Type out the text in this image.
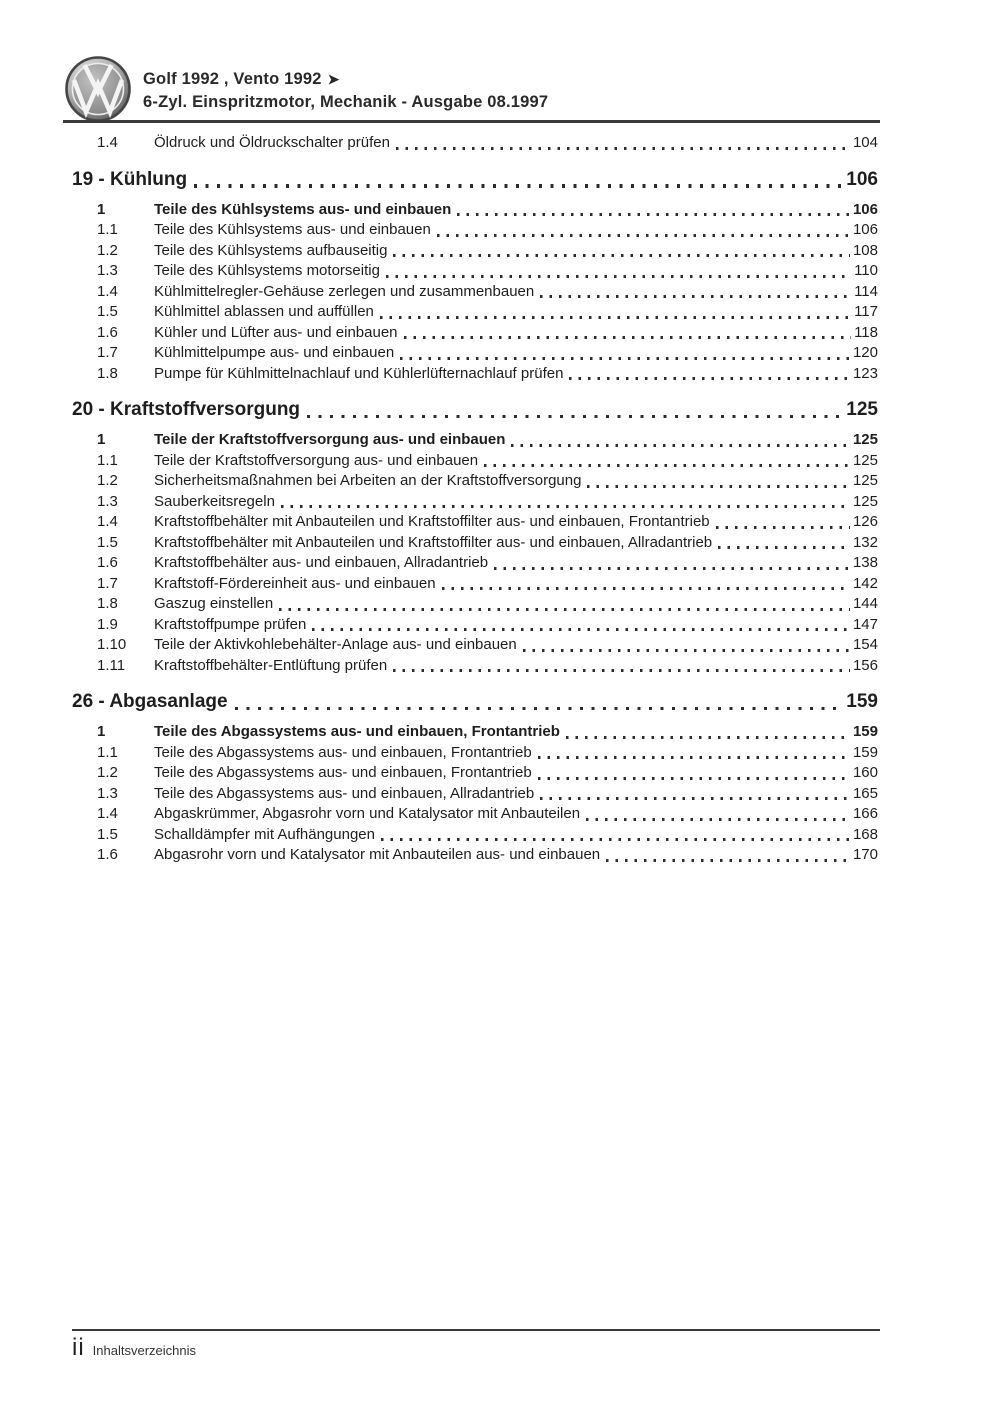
Golf 1992 , Vento 1992 ➤
6-Zyl. Einspritzmotor, Mechanik - Ausgabe 08.1997
1.4	Öldruck und Öldruckschalter prüfen	104
19 - Kühlung	106
1	Teile des Kühlsystems aus- und einbauen	106
1.1	Teile des Kühlsystems aus- und einbauen	106
1.2	Teile des Kühlsystems aufbauseitig	108
1.3	Teile des Kühlsystems motorseitig	110
1.4	Kühlmittelregler-Gehäuse zerlegen und zusammenbauen	114
1.5	Kühlmittel ablassen und auffüllen	117
1.6	Kühler und Lüfter aus- und einbauen	118
1.7	Kühlmittelpumpe aus- und einbauen	120
1.8	Pumpe für Kühlmittelnachlauf und Kühlerlüfternachlauf prüfen	123
20 - Kraftstoffversorgung	125
1	Teile der Kraftstoffversorgung aus- und einbauen	125
1.1	Teile der Kraftstoffversorgung aus- und einbauen	125
1.2	Sicherheitsmaßnahmen bei Arbeiten an der Kraftstoffversorgung	125
1.3	Sauberkeitsregeln	125
1.4	Kraftstoffbehälter mit Anbauteilen und Kraftstoffilter aus- und einbauen, Frontantrieb	126
1.5	Kraftstoffbehälter mit Anbauteilen und Kraftstoffilter aus- und einbauen, Allradantrieb	132
1.6	Kraftstoffbehälter aus- und einbauen, Allradantrieb	138
1.7	Kraftstoff-Fördereinheit aus- und einbauen	142
1.8	Gaszug einstellen	144
1.9	Kraftstoffpumpe prüfen	147
1.10	Teile der Aktivkohlebehälter-Anlage aus- und einbauen	154
1.11	Kraftstoffbehälter-Entlüftung prüfen	156
26 - Abgasanlage	159
1	Teile des Abgassystems aus- und einbauen, Frontantrieb	159
1.1	Teile des Abgassystems aus- und einbauen, Frontantrieb	159
1.2	Teile des Abgassystems aus- und einbauen, Frontantrieb	160
1.3	Teile des Abgassystems aus- und einbauen, Allradantrieb	165
1.4	Abgaskrümmer, Abgasrohr vorn und Katalysator mit Anbauteilen	166
1.5	Schalldämpfer mit Aufhängungen	168
1.6	Abgasrohr vorn und Katalysator mit Anbauteilen aus- und einbauen	170
ii Inhaltsverzeichnis
